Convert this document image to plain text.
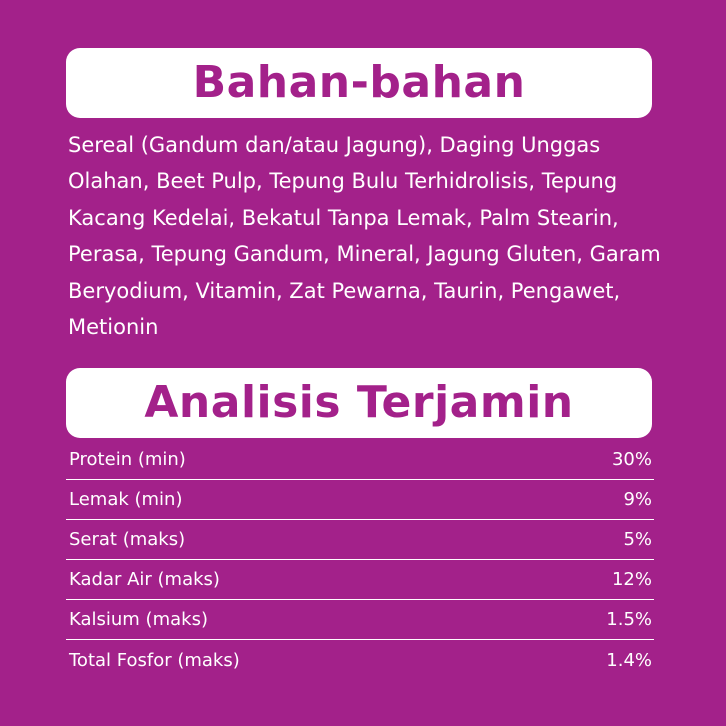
Bahan-bahan

Sereal (Gandum dan/atau Jagung), Daging Unggas Olahan, Beet Pulp, Tepung Bulu Terhidrolisis, Tepung Kacang Kedelai, Bekatul Tanpa Lemak, Palm Stearin, Perasa, Tepung Gandum, Mineral, Jagung Gluten, Garam Beryodium, Vitamin, Zat Pewarna, Taurin, Pengawet, Metionin

Analisis Terjamin
Protein (min)	30%
Lemak (min)	9%
Serat (maks)	5%
Kadar Air (maks)	12%
Kalsium (maks)	1.5%
Total Fosfor (maks)	1.4%
